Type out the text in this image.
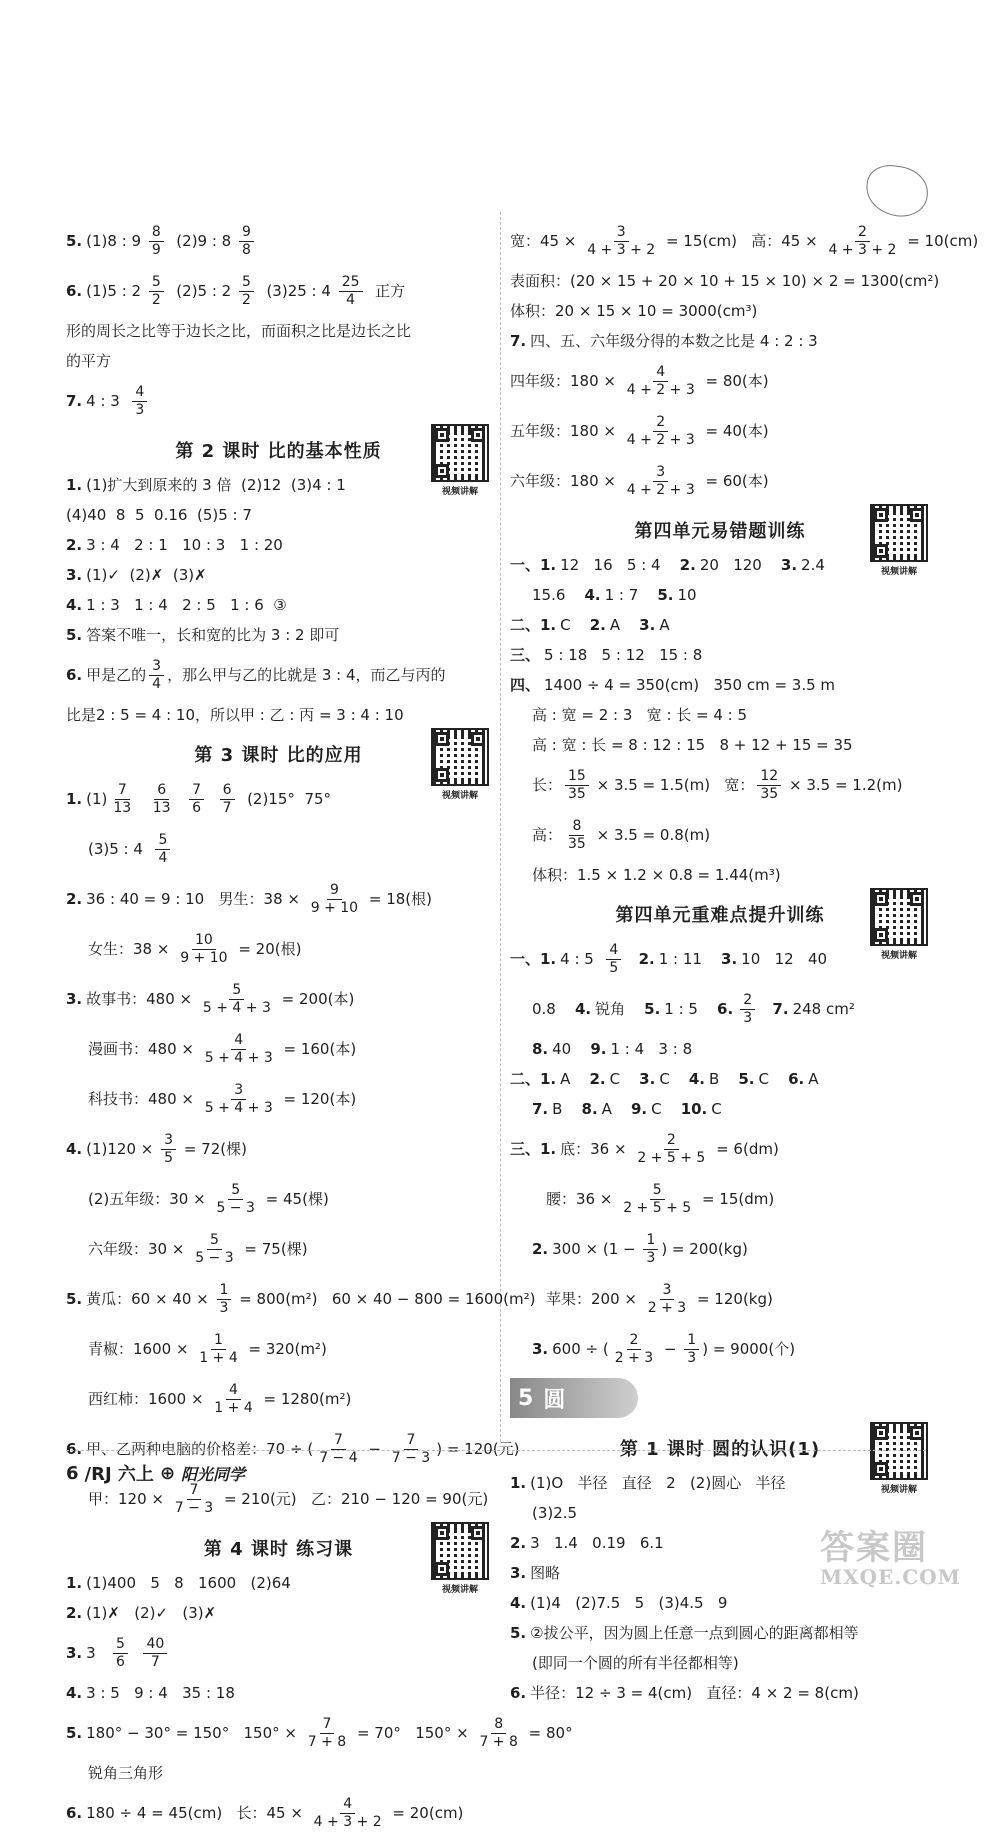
5. (1)8 : $9 \frac{8}{9} (2)9$ : $8 \frac{9}{8}$
6. (1)5 : $2 \frac{5}{2} (2)5$ : $2 \frac{5}{2} (3)25$ : $4 \frac{25}{4}$ 正方
形的周长之比等于边长之比，而面积之比是边长之比
的平方
7. 4 : $3 \frac{4}{3}$
第 2 课时 比的基本性质
视频讲解
1. (1)扩大到原来的 3 倍  (2)12  (3)4 : 1
(4)40  8  5  0.16  (5)5 : 7
2. 3 : 4   2 : 1   10 : 3   1 : 20
3. (1)✓  (2)✗  (3)✗
4. 1 : 3   1 : 4   2 : 5   1 : 6  ③
5. 答案不唯一，长和宽的比为 3 : 2 即可
6. 甲是乙的 $\frac{3}{4}$ ，那么甲与乙的比就是 3 : 4，而乙与丙的
比是2 : 5 = 4 : 10，所以甲 : 乙 : 丙 = 3 : 4 : 10
第 3 课时 比的应用
视频讲解
1. $(1) \frac{7}{13}$
$\frac{6}{13}$
$\frac{7}{6}$
$\frac{6}{7} (2)15^\circ$  75°
(3)5 : $4 \frac{5}{4}$
2. 36 : 40 = 9 : 10   男生：$38 \times \frac{9}{9 + 10} = 18$(根)
女生：$38 \times \frac{10}{9 + 10} = 20$(根)
3. 故事书：$480 \times \frac{5}{5 + 4 + 3} = 200$(本)
漫画书：$480 \times \frac{4}{5 + 4 + 3} = 160$(本)
科技书：$480 \times \frac{3}{5 + 4 + 3} = 120$(本)
4. $(1)120 \times \frac{3}{5} = 72$(棵)
(2)五年级：$30 \times \frac{5}{5 - 3} = 45$(棵)
六年级：$30 \times \frac{5}{5 - 3} = 75$(棵)
5. 黄瓜：$60 \times 40 \times \frac{1}{3} = 800(m^2) 60 \times 40 - 800 = 1600(m^2)$
青椒：$1600 \times \frac{1}{1 + 4} = 320(m^2)$
西红柿：$1600 \times \frac{4}{1 + 4} = 1280(m^2)$
6. 甲、乙两种电脑的价格差：70 ÷ ( $\frac{7}{7 - 4} - \frac{7}{7 - 3}$ ) = 120(元)
甲：$120 \times \frac{7}{7 - 3} = 210$(元)   乙：210 − 120 = 90(元)
第 4 课时 练习课
视频讲解
1. (1)400   5   8   1600   (2)64
2. (1)✗   (2)✓   (3)✗
3. $3 \frac{5}{6}$
$\frac{40}{7}$
4. 3 : 5   9 : 4   35 : 18
5. 180° − 30° = 150°   $150^\circ \times \frac{7}{7 + 8} = 70^\circ$   $150^\circ \times \frac{8}{7 + 8} = 80^\circ$
锐角三角形
6. 180 ÷ 4 = 45(cm)   长：$45 \times \frac{4}{4 + 3 + 2} = 20(cm)$
宽：$45 \times \frac{3}{4 + 3 + 2} = 15(cm)$   高：$45 \times \frac{2}{4 + 3 + 2} = 10(cm)$
表面积：(20 × 15 + 20 × 10 + 15 × 10) × 2 = 1300(cm²)
体积：20 × 15 × 10 = 3000(cm³)
7. 四、五、六年级分得的本数之比是 4 : 2 : 3
四年级：$180 \times \frac{4}{4 + 2 + 3} = 80$(本)
五年级：$180 \times \frac{2}{4 + 2 + 3} = 40$(本)
六年级：$180 \times \frac{3}{4 + 2 + 3} = 60$(本)
第四单元易错题训练
视频讲解
一、1. 12   16   5 : 4 2. 20   120 3. 2.4
15.6 4. 1 : 7 5. 10
二、1. C 2. A 3. A
三、 5 : 18   5 : 12   15 : 8
四、 1400 ÷ 4 = 350(cm)   350 cm = 3.5 m
高 : 宽 = 2 : 3   宽 : 长 = 4 : 5
高 : 宽 : 长 = 8 : 12 : 15   8 + 12 + 15 = 35
长： $\frac{15}{35} \times 3.5 = 1.5(m)$   宽： $\frac{12}{35} \times 3.5 = 1.2(m)$
高： $\frac{8}{35} \times 3.5 = 0.8(m)$
体积：1.5 × 1.2 × 0.8 = 1.44(m³)
第四单元重难点提升训练
视频讲解
一、1. 4 : $5 \frac{4}{5}$
2. 1 : 11 3. 10   12   40
0.8 4. 锐角 5. 1 : 5 6. $\frac{2}{3}$
7. 248 cm²
8. 40 9. 1 : 4   3 : 8
二、1. A 2. C 3. C 4. B 5. C 6. A
7. B 8. A 9. C 10. C
三、1. 底：$36 \times \frac{2}{2 + 5 + 5} = 6(dm)$
腰：$36 \times \frac{5}{2 + 5 + 5} = 15(dm)$
2. $300 \times (1 - \frac{1}{3}$ ) = 200(kg)
苹果：$200 \times \frac{3}{2 + 3} = 120(kg)$
3. 600 ÷ ( $\frac{2}{2 + 3} - \frac{1}{3}$ ) = 9000(个)
5 圆
第 1 课时 圆的认识(1)
视频讲解
1. (1)O   半径   直径   2   (2)圆心   半径
(3)2.5
2. 3   1.4   0.19   6.1
3. 图略
4. (1)4   (2)7.5   5   (3)4.5   9
5. ②拔公平，因为圆上任意一点到圆心的距离都相等
(即同一个圆的所有半径都相等)
6. 半径：12 ÷ 3 = 4(cm)   直径：4 × 2 = 8(cm)
6 /RJ 六上 ⊕ 阳光同学
答案圈
MXQE.COM
